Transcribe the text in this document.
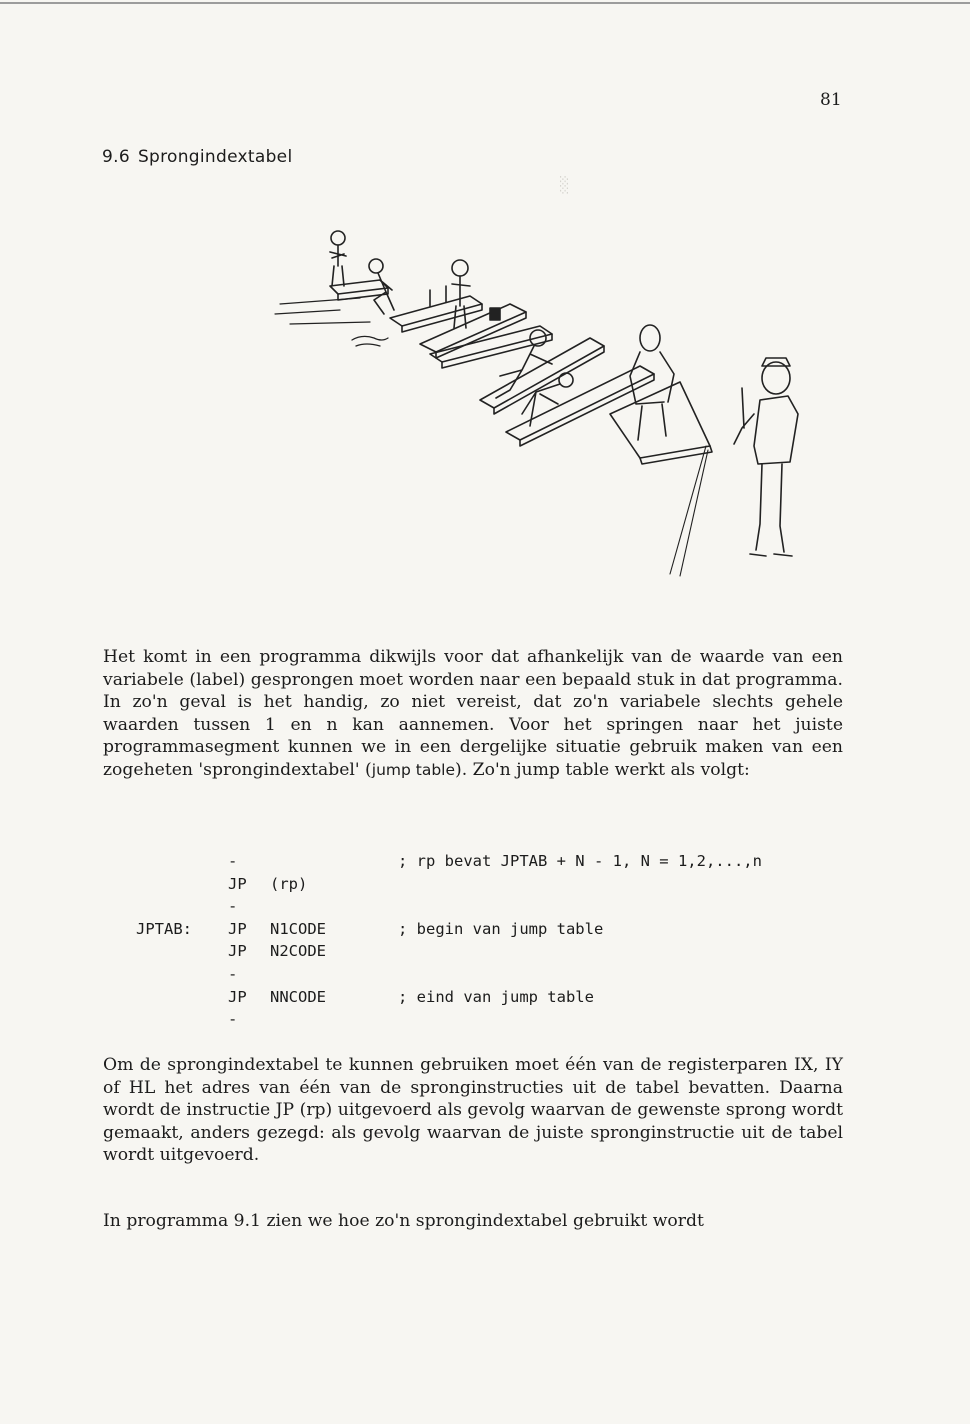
░
81
9.6 Sprongindextabel

Het komt in een programma dikwijls voor dat afhankelijk van de waarde van een variabele (label) gesprongen moet worden naar een bepaald stuk in dat programma. In zo'n geval is het handig, zo niet vereist, dat zo'n variabele slechts gehele waarden tussen 1 en n kan aannemen. Voor het springen naar het juiste programmasegment kunnen we in een dergelijke situatie gebruik maken van een zogeheten 'sprongindextabel' (jump table). Zo'n jump table werkt als volgt:

-	; rp bevat JPTAB + N - 1, N = 1,2,...,n
JP (rp)
-
JPTAB: JP N1CODE	; begin van jump table
JP N2CODE
-
JP NNCODE	; eind van jump table
-

Om de sprongindextabel te kunnen gebruiken moet één van de registerparen IX, IY of HL het adres van één van de spronginstructies uit de tabel bevatten. Daarna wordt de instructie JP (rp) uitgevoerd als gevolg waarvan de gewenste sprong wordt gemaakt, anders gezegd: als gevolg waarvan de juiste spronginstructie uit de tabel wordt uitgevoerd.

In programma 9.1 zien we hoe zo'n sprongindextabel gebruikt wordt
